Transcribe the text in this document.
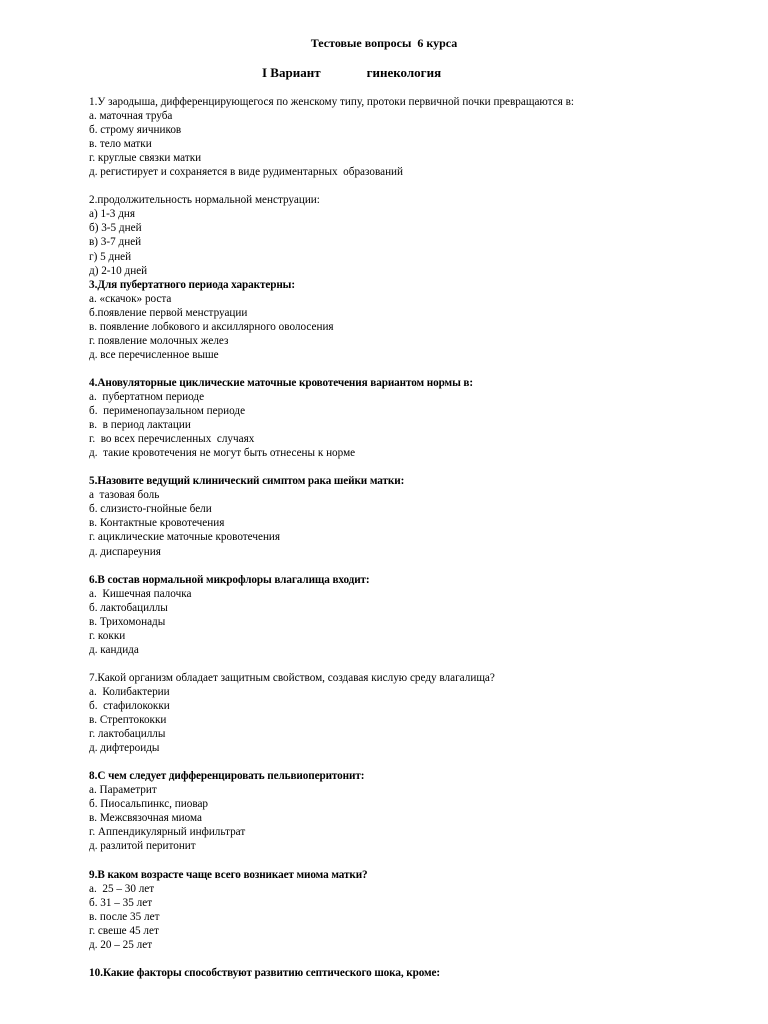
Тестовые вопросы  6 курса
I Вариант	гинекология
1.У зародыша, дифференцирующегося по женскому типу, протоки первичной почки превращаются в:
а. маточная труба
б. строму яичников
в. тело матки
г. круглые связки матки
д. регистирует и сохраняется в виде рудиментарных  образований
2.продолжительность нормальной менструации:
а) 1-3 дня
б) 3-5 дней
в) 3-7 дней
г) 5 дней
д) 2-10 дней
3.Для пубертатного периода характерны:
а. «скачок» роста
б.появление первой менструации
в. появление лобкового и аксиллярного оволосения
г. появление молочных желез
д. все перечисленное выше
4.Ановуляторные циклические маточные кровотечения вариантом нормы в:
а.  пубертатном периоде
б.  перименопаузальном периоде
в.  в период лактации
г.  во всех перечисленных  случаях
д.  такие кровотечения не могут быть отнесены к норме
5.Назовите ведущий клинический симптом рака шейки матки:
а  тазовая боль
б. слизисто-гнойные бели
в. Контактные кровотечения
г. ациклические маточные кровотечения
д. диспареуния
6.В состав нормальной микрофлоры влагалища входит:
а.  Кишечная палочка
б. лактобациллы
в. Трихомонады
г. кокки
д. кандида
7.Какой организм обладает защитным свойством, создавая кислую среду влагалища?
а.  Колибактерии
б.  стафилококки
в. Стрептококки
г. лактобациллы
д. дифтероиды
8.С чем следует дифференцировать пельвиоперитонит:
а. Параметрит
б. Пиосальпинкс, пиовар
в. Межсвязочная миома
г. Аппендикулярный инфильтрат
д. разлитой перитонит
9.В каком возрасте чаще всего возникает миома матки?
а.  25 – 30 лет
б. 31 – 35 лет
в. после 35 лет
г. свеше 45 лет
д. 20 – 25 лет
10.Какие факторы способствуют развитию септического шока, кроме:
